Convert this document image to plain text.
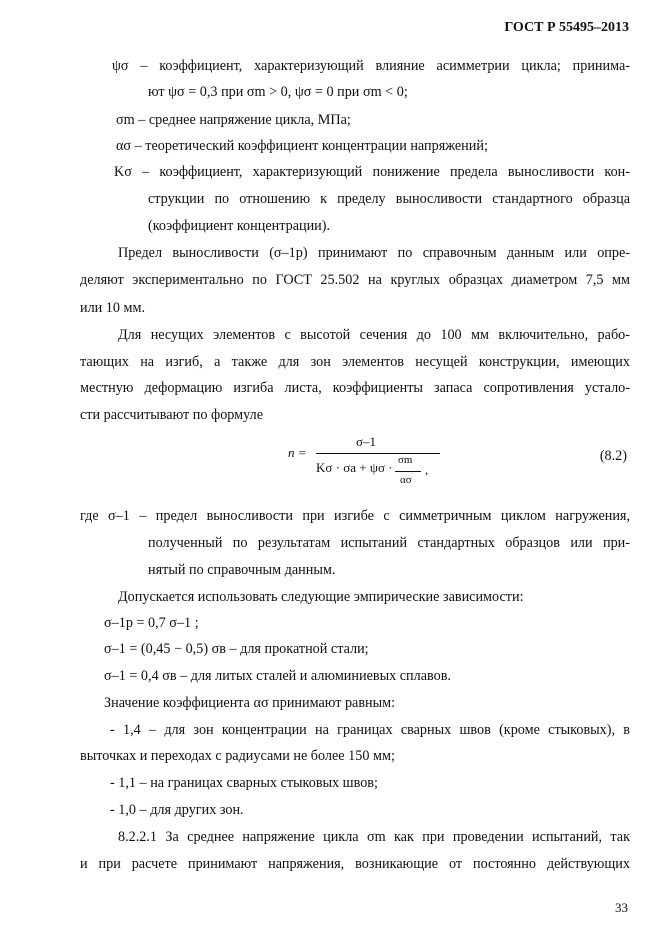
ГОСТ Р 55495–2013
ψσ – коэффициент, характеризующий влияние асимметрии цикла; принима-
ют ψσ = 0,3 при σm > 0, ψσ = 0 при σm < 0;
σm – среднее напряжение цикла, МПа;
ασ – теоретический коэффициент концентрации напряжений;
Kσ – коэффициент, характеризующий понижение предела выносливости кон-
струкции по отношению к пределу выносливости стандартного образца
(коэффициент концентрации).
Предел выносливости (σ–1p) принимают по справочным данным или опре-
деляют экспериментально по ГОСТ 25.502 на круглых образцах диаметром 7,5 мм
или 10 мм.
Для несущих элементов с высотой сечения до 100 мм включительно, рабо-
тающих на изгиб, а также для зон элементов несущей конструкции, имеющих
местную деформацию изгиба листа, коэффициенты запаса сопротивления устало-
сти рассчитывают по формуле
n =
σ–1
Kσ · σa + ψσ · σm
ασ
,
(8.2)
где σ–1 – предел выносливости при изгибе с симметричным циклом нагружения,
полученный по результатам испытаний стандартных образцов или при-
нятый по справочным данным.
Допускается использовать следующие эмпирические зависимости:
σ–1p = 0,7 σ–1 ;
σ–1 = (0,45 − 0,5) σв – для прокатной стали;
σ–1 = 0,4 σв – для литых сталей и алюминиевых сплавов.
Значение коэффициента ασ принимают равным:
- 1,4 – для зон концентрации на границах сварных швов (кроме стыковых), в
выточках и переходах с радиусами не более 150 мм;
- 1,1 – на границах сварных стыковых швов;
- 1,0 – для других зон.
8.2.2.1 За среднее напряжение цикла σm как при проведении испытаний, так
и при расчете принимают напряжения, возникающие от постоянно действующих
33
